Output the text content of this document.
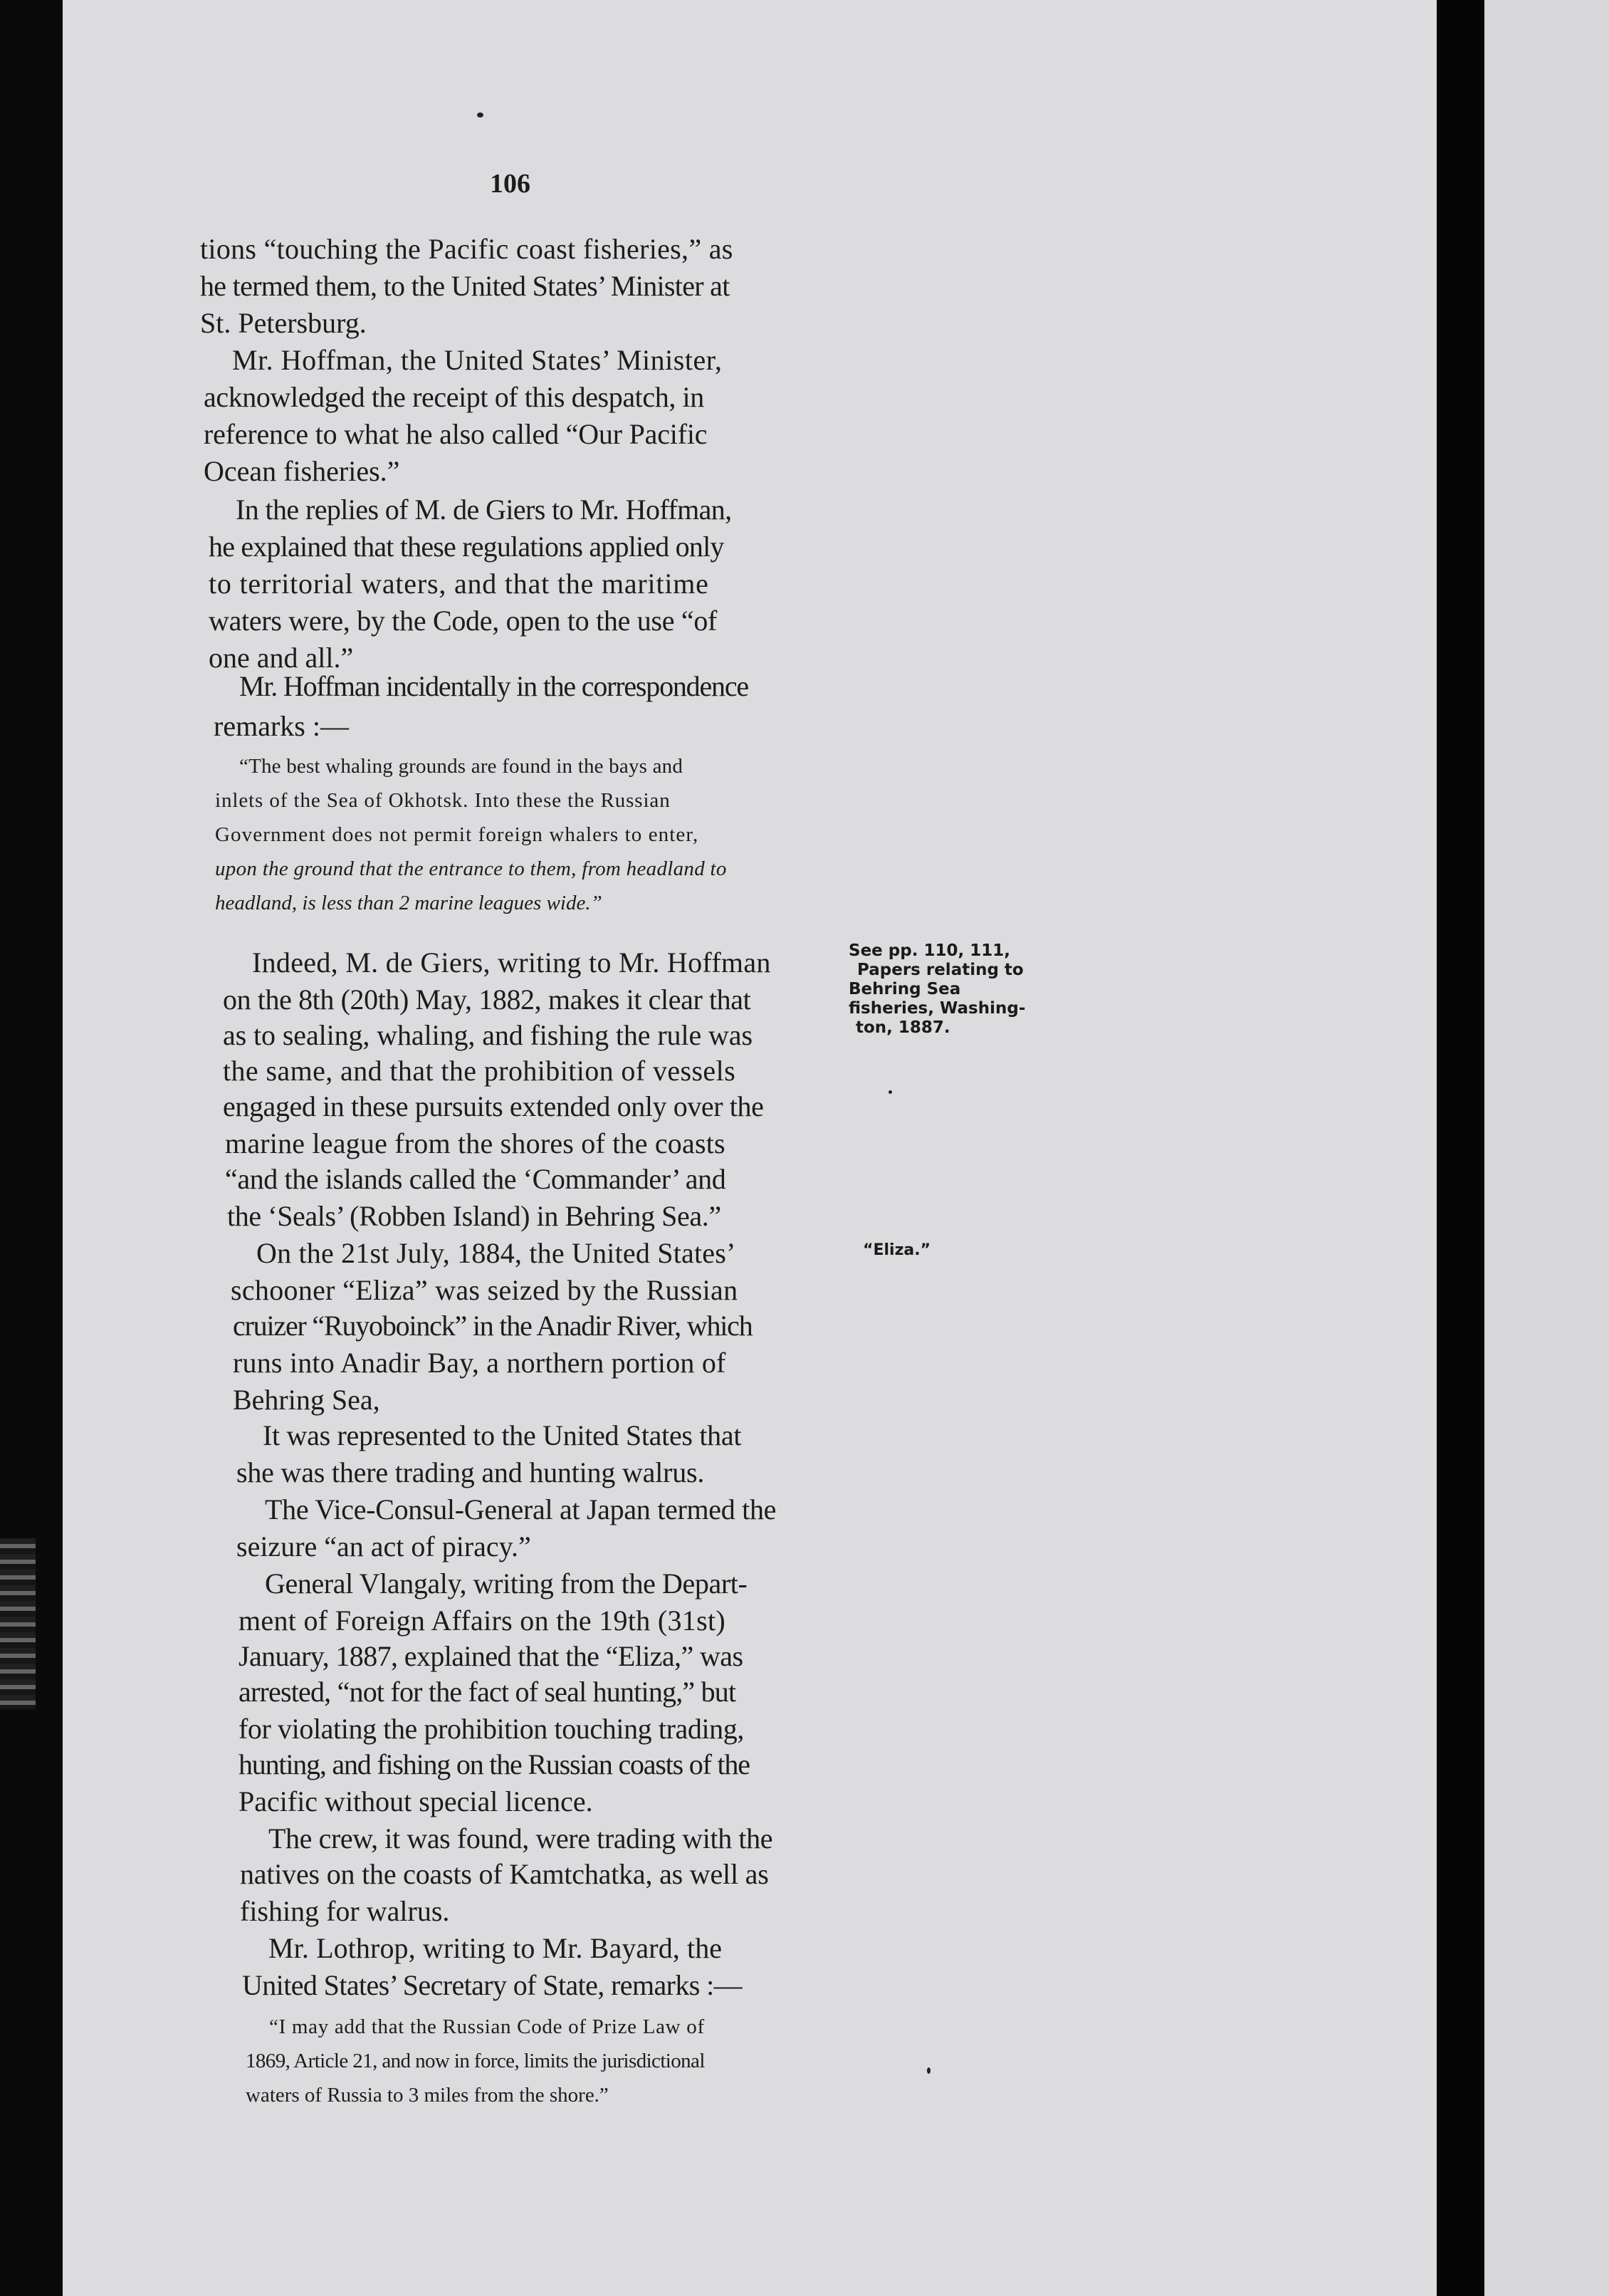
106
tions “touching the Pacific coast fisheries,” as
he termed them, to the United States’ Minister at
St. Petersburg.
Mr. Hoffman, the United States’ Minister,
acknowledged the receipt of this despatch, in
reference to what he also called “Our Pacific
Ocean fisheries.”
In the replies of M. de Giers to Mr. Hoffman,
he explained that these regulations applied only
to territorial waters, and that the maritime
waters were, by the Code, open to the use “of
one and all.”
Mr. Hoffman incidentally in the correspondence
remarks :—
“The best whaling grounds are found in the bays and
inlets of the Sea of Okhotsk. Into these the Russian
Government does not permit foreign whalers to enter,
upon the ground that the entrance to them, from headland to
headland, is less than 2 marine leagues wide.”
Indeed, M. de Giers, writing to Mr. Hoffman
on the 8th (20th) May, 1882, makes it clear that
as to sealing, whaling, and fishing the rule was
the same, and that the prohibition of vessels
engaged in these pursuits extended only over the
marine league from the shores of the coasts
“and the islands called the ‘Commander’ and
the ‘Seals’ (Robben Island) in Behring Sea.”
On the 21st July, 1884, the United States’
schooner “Eliza” was seized by the Russian
cruizer “Ruyoboinck” in the Anadir River, which
runs into Anadir Bay, a northern portion of
Behring Sea,
It was represented to the United States that
she was there trading and hunting walrus.
The Vice-Consul-General at Japan termed the
seizure “an act of piracy.”
General Vlangaly, writing from the Depart-
ment of Foreign Affairs on the 19th (31st)
January, 1887, explained that the “Eliza,” was
arrested, “not for the fact of seal hunting,” but
for violating the prohibition touching trading,
hunting, and fishing on the Russian coasts of the
Pacific without special licence.
The crew, it was found, were trading with the
natives on the coasts of Kamtchatka, as well as
fishing for walrus.
Mr. Lothrop, writing to Mr. Bayard, the
United States’ Secretary of State, remarks :—
“I may add that the Russian Code of Prize Law of
1869, Article 21, and now in force, limits the jurisdictional
waters of Russia to 3 miles from the shore.”
See pp. 110, 111,
Papers relating to
Behring Sea
fisheries, Washing-
ton, 1887.
“Eliza.”
